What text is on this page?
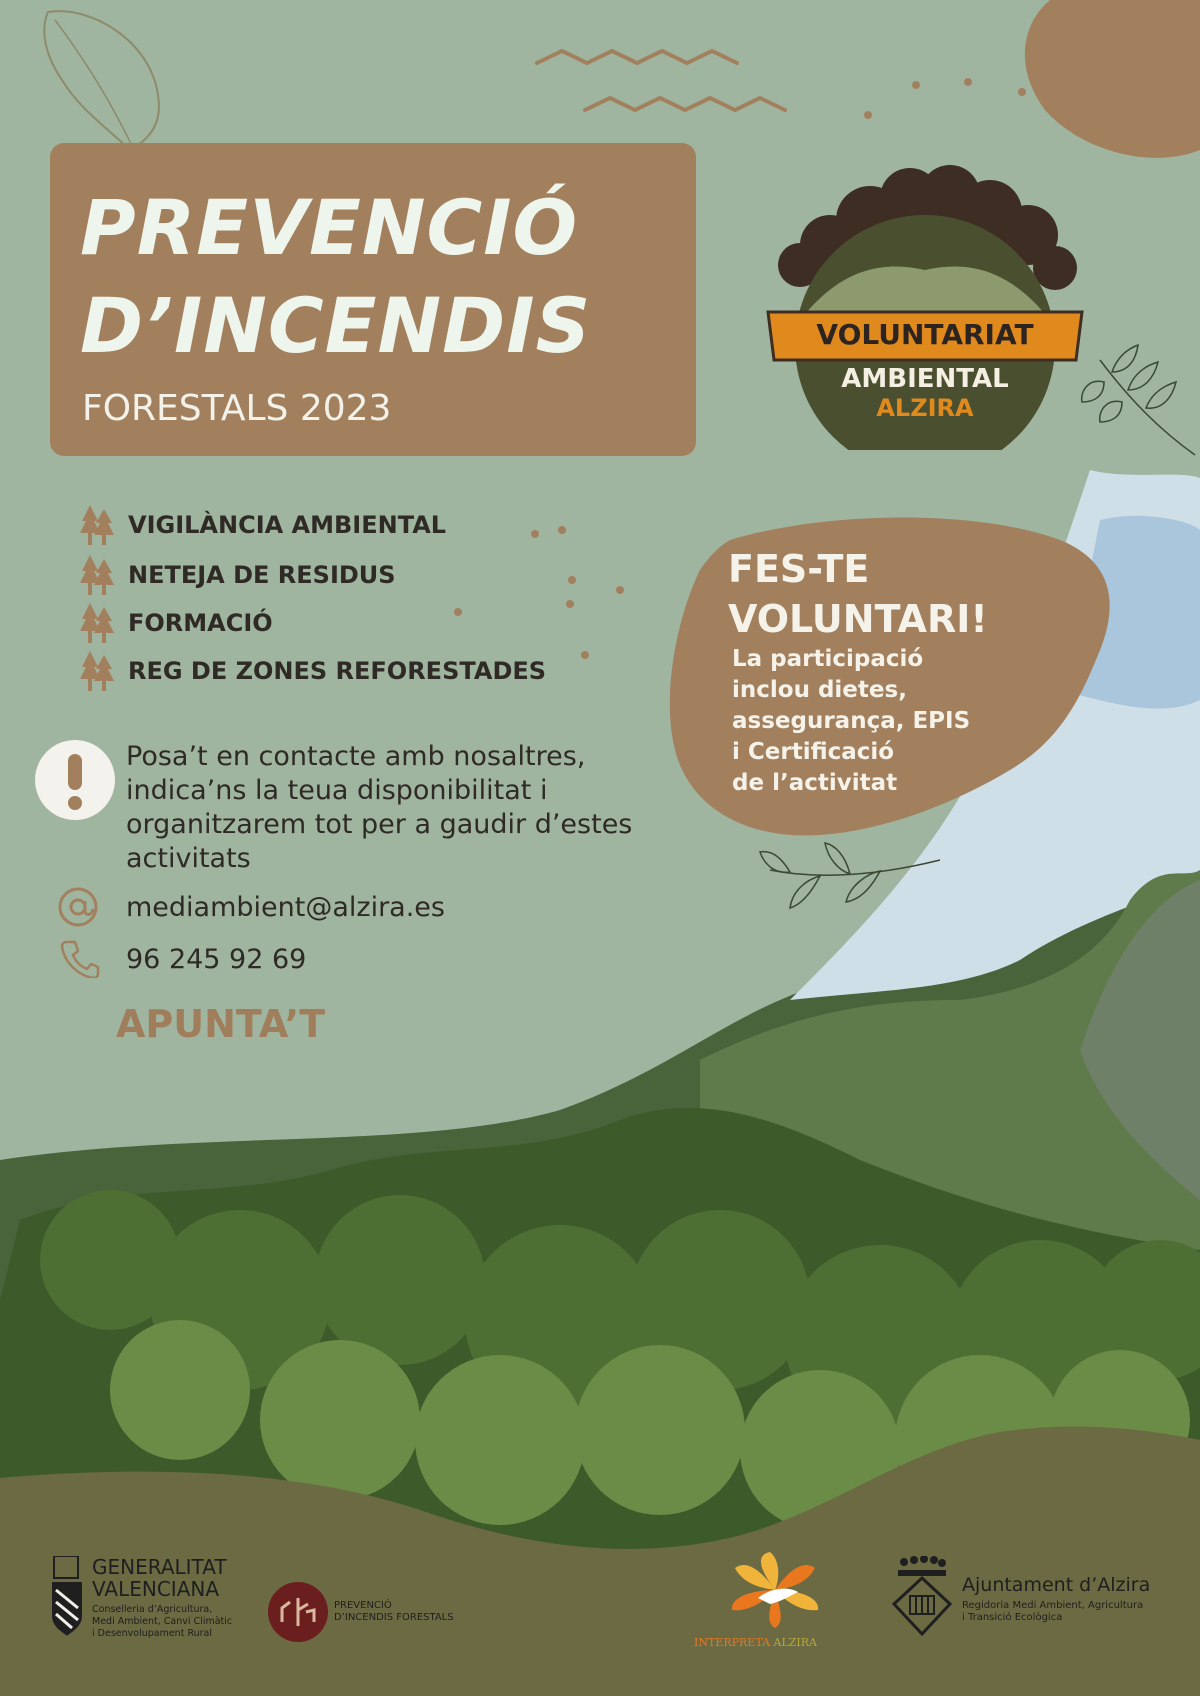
PREVENCIÓ
D’INCENDIS
FORESTALS 2023
VOLUNTARIAT
AMBIENTAL
ALZIRA
VIGILÀNCIA AMBIENTAL
NETEJA DE RESIDUS
FORMACIÓ
REG DE ZONES REFORESTADES
Posa’t en contacte amb nosaltres,
indica’ns la teua disponibilitat i
organitzarem tot per a gaudir d’estes
activitats
mediambient@alzira.es
96 245 92 69
APUNTA’T
FES-TE
VOLUNTARI!
La participació
inclou dietes,
assegurança, EPIS
i Certificació
de l’activitat
GENERALITAT
VALENCIANA
Conselleria d’Agricultura,
Medi Ambient, Canvi Climàtic
i Desenvolupament Rural
PREVENCIÓ
D’INCENDIS FORESTALS
INTERPRETA ALZIRA
Ajuntament d’Alzira
Regidoria Medi Ambient, Agricultura
i Transició Ecològica
